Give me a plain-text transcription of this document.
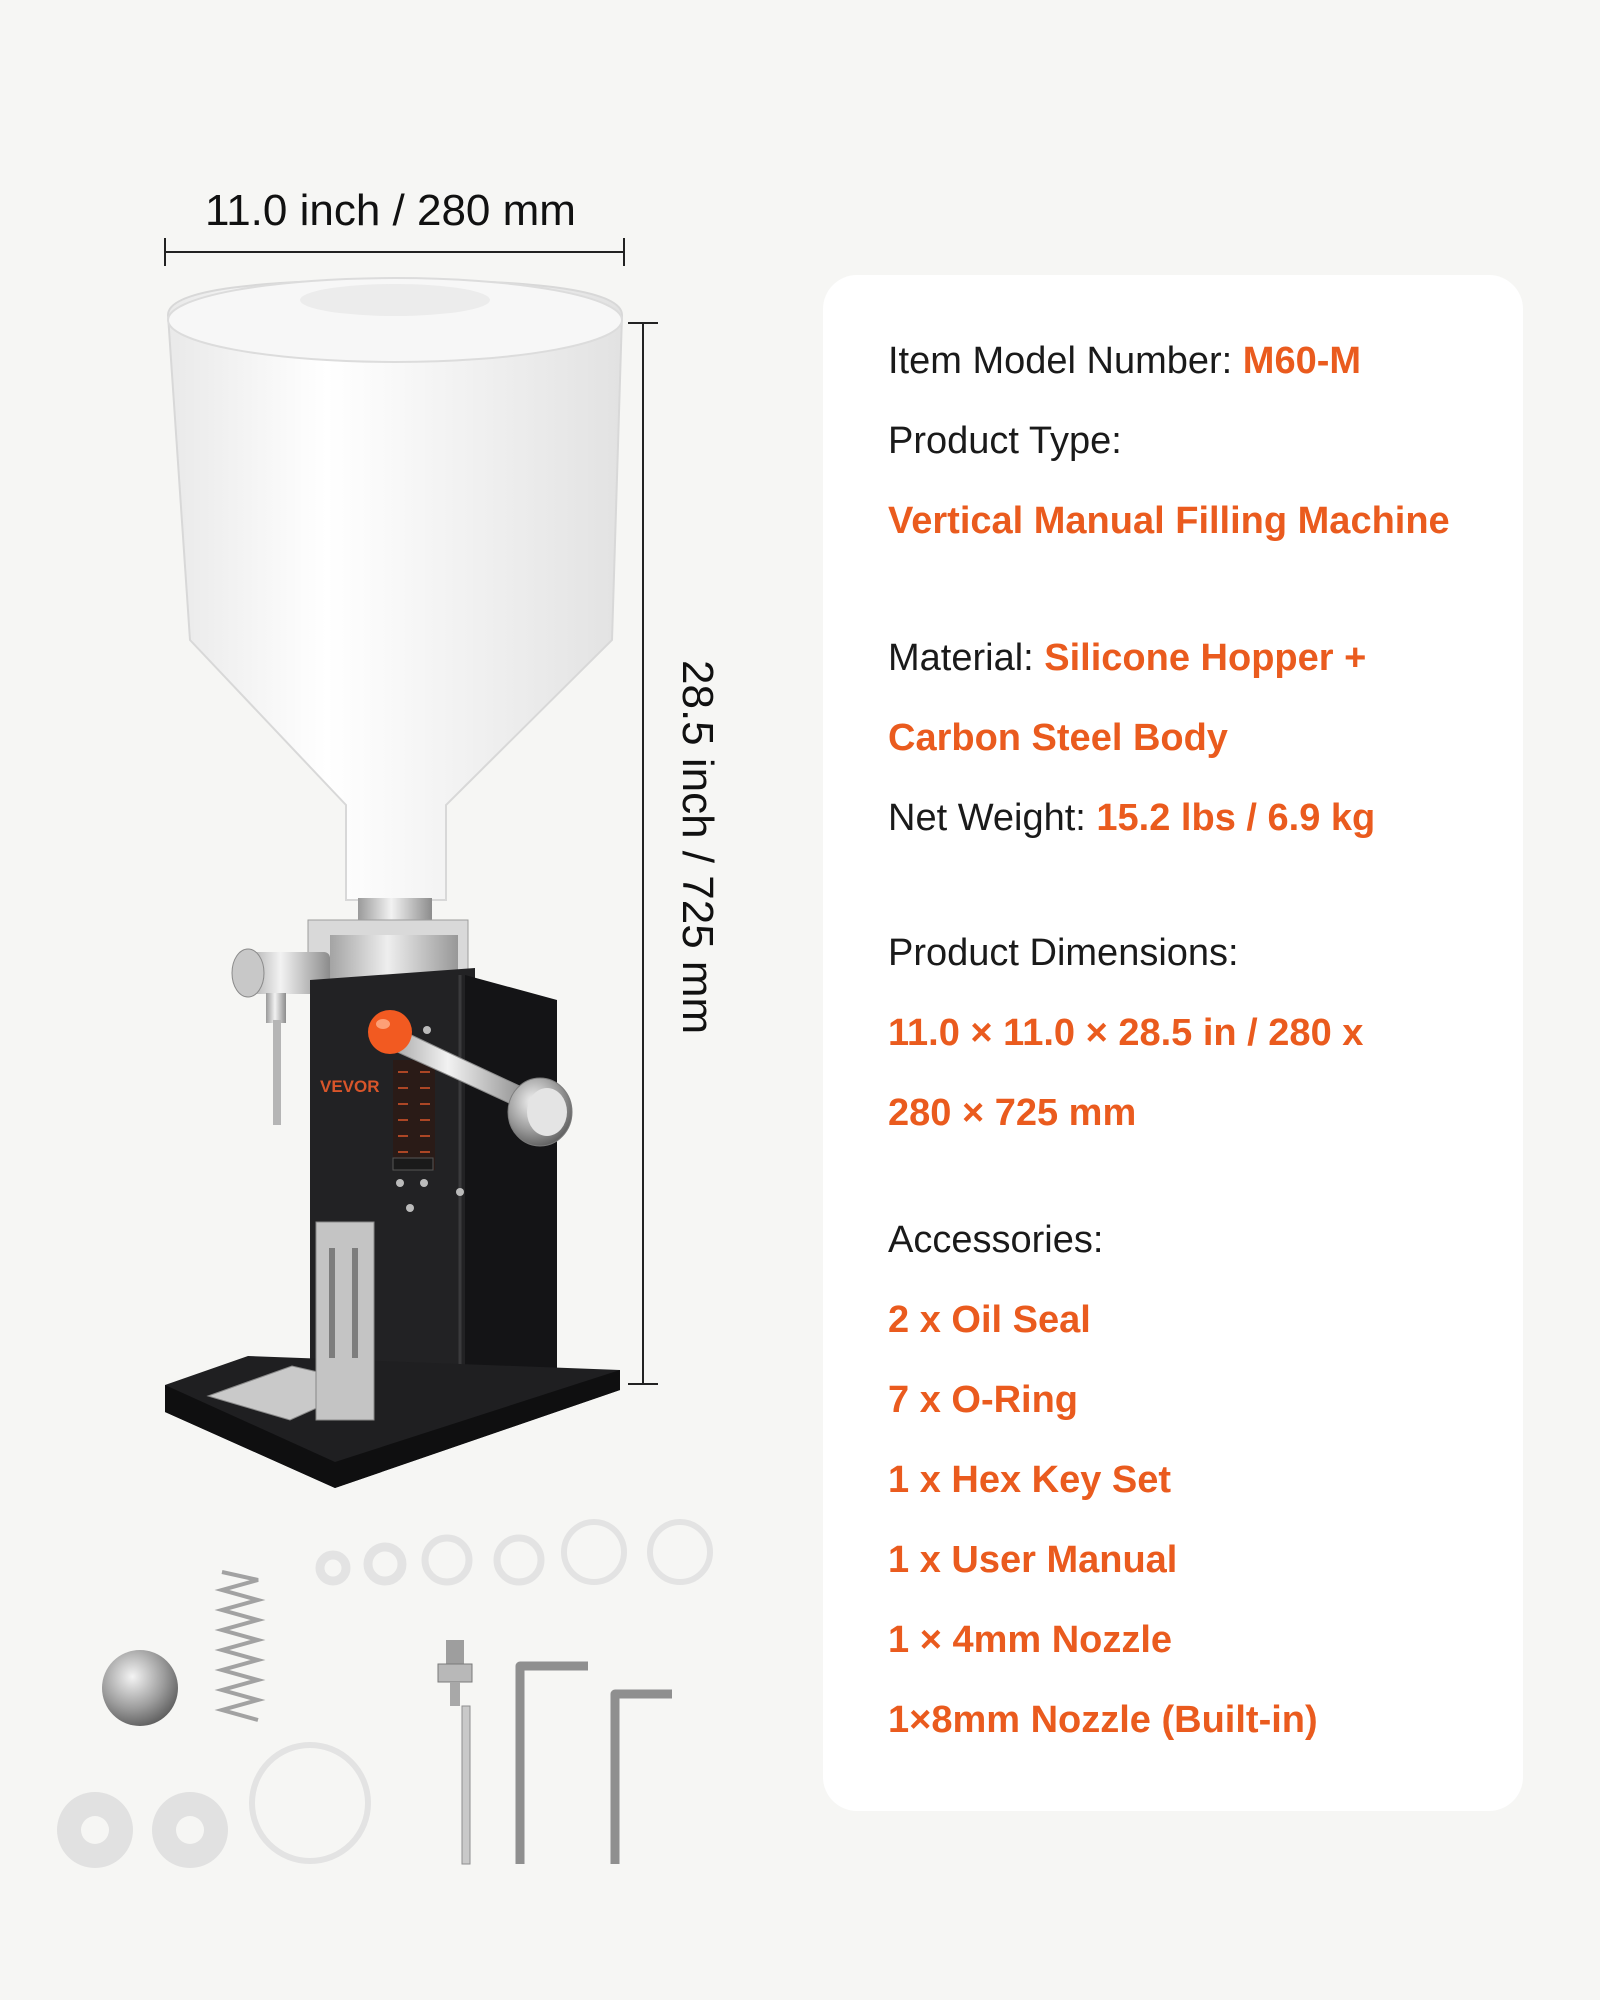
VEVOR
11.0 inch / 280 mm
28.5 inch / 725 mm
Item Model Number: M60-M
Product Type:
Vertical Manual Filling Machine
Material: Silicone Hopper +
Carbon Steel Body
Net Weight: 15.2 lbs / 6.9 kg
Product Dimensions:
11.0 × 11.0 × 28.5 in / 280 x
280 × 725 mm
Accessories:
2 x Oil Seal
7 x O-Ring
1 x Hex Key Set
1 x User Manual
1 × 4mm Nozzle
1×8mm Nozzle (Built-in)
